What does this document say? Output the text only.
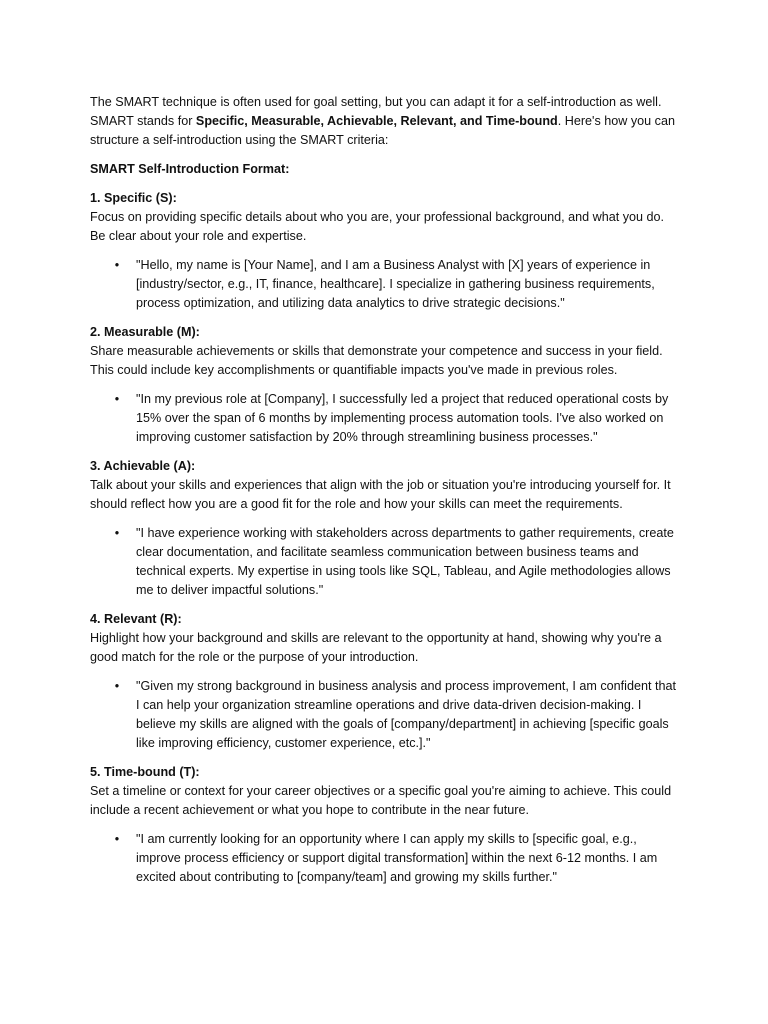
The SMART technique is often used for goal setting, but you can adapt it for a self-introduction as well. SMART stands for Specific, Measurable, Achievable, Relevant, and Time-bound. Here's how you can structure a self-introduction using the SMART criteria:

SMART Self-Introduction Format:

1. Specific (S):

Focus on providing specific details about who you are, your professional background, and what you do. Be clear about your role and expertise.

• "Hello, my name is [Your Name], and I am a Business Analyst with [X] years of experience in [industry/sector, e.g., IT, finance, healthcare]. I specialize in gathering business requirements, process optimization, and utilizing data analytics to drive strategic decisions."

2. Measurable (M):

Share measurable achievements or skills that demonstrate your competence and success in your field. This could include key accomplishments or quantifiable impacts you've made in previous roles.

• "In my previous role at [Company], I successfully led a project that reduced operational costs by 15% over the span of 6 months by implementing process automation tools. I've also worked on improving customer satisfaction by 20% through streamlining business processes."

3. Achievable (A):

Talk about your skills and experiences that align with the job or situation you're introducing yourself for. It should reflect how you are a good fit for the role and how your skills can meet the requirements.

• "I have experience working with stakeholders across departments to gather requirements, create clear documentation, and facilitate seamless communication between business teams and technical experts. My expertise in using tools like SQL, Tableau, and Agile methodologies allows me to deliver impactful solutions."

4. Relevant (R):

Highlight how your background and skills are relevant to the opportunity at hand, showing why you're a good match for the role or the purpose of your introduction.

• "Given my strong background in business analysis and process improvement, I am confident that I can help your organization streamline operations and drive data-driven decision-making. I believe my skills are aligned with the goals of [company/department] in achieving [specific goals like improving efficiency, customer experience, etc.]."

5. Time-bound (T):

Set a timeline or context for your career objectives or a specific goal you're aiming to achieve. This could include a recent achievement or what you hope to contribute in the near future.

• "I am currently looking for an opportunity where I can apply my skills to [specific goal, e.g., improve process efficiency or support digital transformation] within the next 6-12 months. I am excited about contributing to [company/team] and growing my skills further."
